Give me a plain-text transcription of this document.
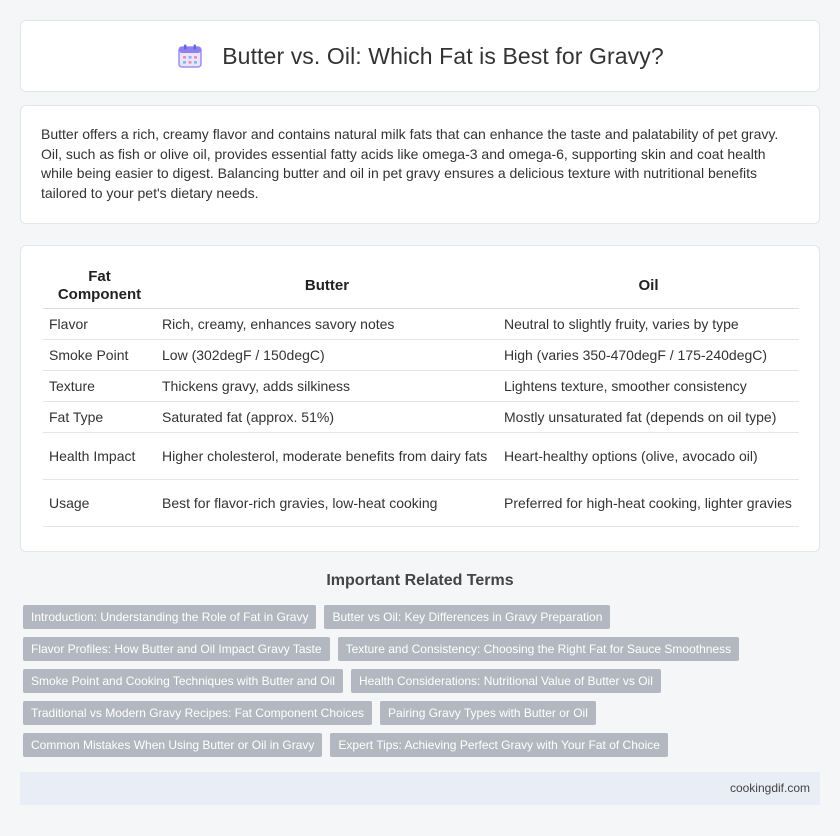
Butter vs. Oil: Which Fat is Best for Gravy?

Butter offers a rich, creamy flavor and contains natural milk fats that can enhance the taste and palatability of pet gravy. Oil, such as fish or olive oil, provides essential fatty acids like omega-3 and omega-6, supporting skin and coat health while being easier to digest. Balancing butter and oil in pet gravy ensures a delicious texture with nutritional benefits tailored to your pet's dietary needs.

Fat Component	Butter	Oil
Flavor	Rich, creamy, enhances savory notes	Neutral to slightly fruity, varies by type
Smoke Point	Low (302degF / 150degC)	High (varies 350-470degF / 175-240degC)
Texture	Thickens gravy, adds silkiness	Lightens texture, smoother consistency
Fat Type	Saturated fat (approx. 51%)	Mostly unsaturated fat (depends on oil type)
Health Impact	Higher cholesterol, moderate benefits from dairy fats	Heart-healthy options (olive, avocado oil)
Usage	Best for flavor-rich gravies, low-heat cooking	Preferred for high-heat cooking, lighter gravies
Important Related Terms
Introduction: Understanding the Role of Fat in Gravy	Butter vs Oil: Key Differences in Gravy Preparation
Flavor Profiles: How Butter and Oil Impact Gravy Taste	Texture and Consistency: Choosing the Right Fat for Sauce Smoothness
Smoke Point and Cooking Techniques with Butter and Oil	Health Considerations: Nutritional Value of Butter vs Oil
Traditional vs Modern Gravy Recipes: Fat Component Choices	Pairing Gravy Types with Butter or Oil
Common Mistakes When Using Butter or Oil in Gravy	Expert Tips: Achieving Perfect Gravy with Your Fat of Choice
cookingdif.com
